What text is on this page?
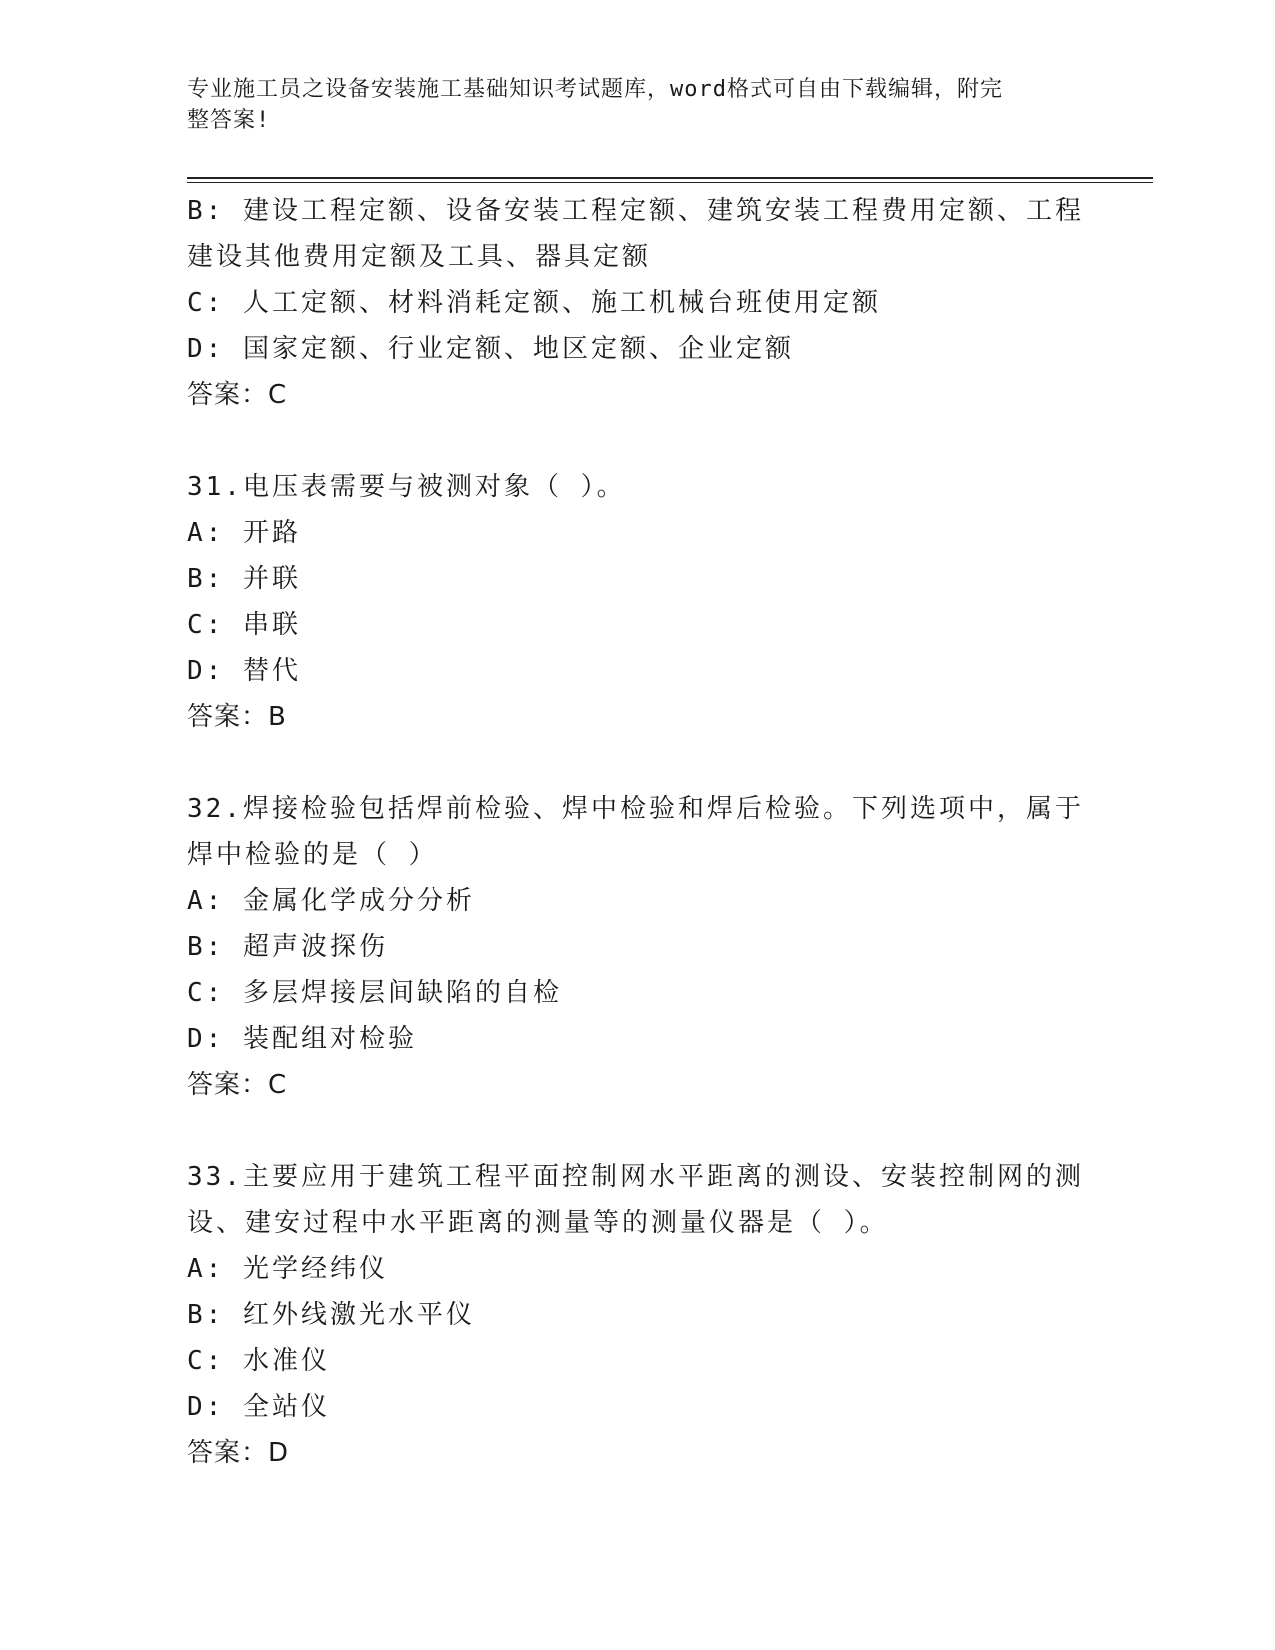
专业施工员之设备安装施工基础知识考试题库，word格式可自由下载编辑，附完
整答案!
B: 建设工程定额、设备安装工程定额、建筑安装工程费用定额、工程
建设其他费用定额及工具、器具定额
C: 人工定额、材料消耗定额、施工机械台班使用定额
D: 国家定额、行业定额、地区定额、企业定额
答案：C
31.电压表需要与被测对象（ ）。
A: 开路
B: 并联
C: 串联
D: 替代
答案：B
32.焊接检验包括焊前检验、焊中检验和焊后检验。下列选项中，属于
焊中检验的是（ ）
A: 金属化学成分分析
B: 超声波探伤
C: 多层焊接层间缺陷的自检
D: 装配组对检验
答案：C
33.主要应用于建筑工程平面控制网水平距离的测设、安装控制网的测
设、建安过程中水平距离的测量等的测量仪器是（ ）。
A: 光学经纬仪
B: 红外线激光水平仪
C: 水准仪
D: 全站仪
答案：D
